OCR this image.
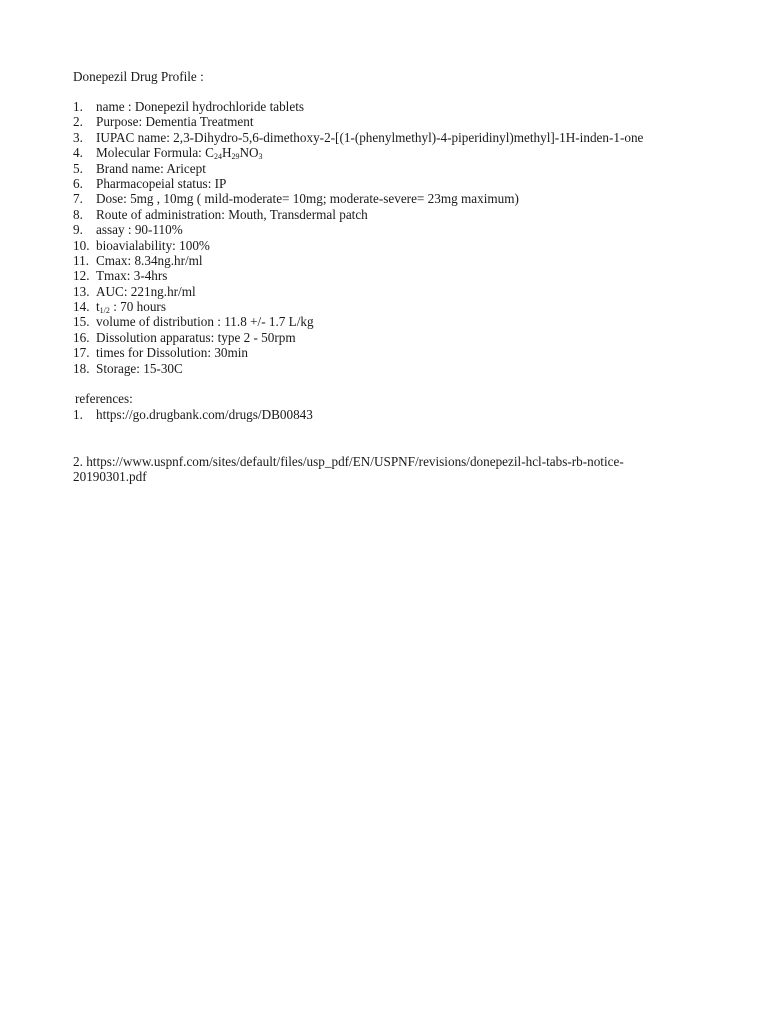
Donepezil Drug Profile :
1. name : Donepezil hydrochloride tablets
2. Purpose: Dementia Treatment
3. IUPAC name: 2,3-Dihydro-5,6-dimethoxy-2-[(1-(phenylmethyl)-4-piperidinyl)methyl]-1H-inden-1-one
4. Molecular Formula: $C_{24}H_{29}NO_3$
5. Brand name: Aricept
6. Pharmacopeial status: IP
7. Dose: 5mg , 10mg ( mild-moderate= 10mg; moderate-severe= 23mg maximum)
8. Route of administration: Mouth, Transdermal patch
9. assay : 90-110%
10. bioavialability: 100%
11. Cmax: 8.34ng.hr/ml
12. Tmax: 3-4hrs
13. AUC: 221ng.hr/ml
14. $t_{1/2}$ : 70 hours
15. volume of distribution : 11.8 +/- 1.7 L/kg
16. Dissolution apparatus: type 2 - 50rpm
17. times for Dissolution: 30min
18. Storage: 15-30C
references:
1. https://go.drugbank.com/drugs/DB00843
2. https://www.uspnf.com/sites/default/files/usp_pdf/EN/USPNF/revisions/donepezil-hcl-tabs-rb-notice-20190301.pdf
